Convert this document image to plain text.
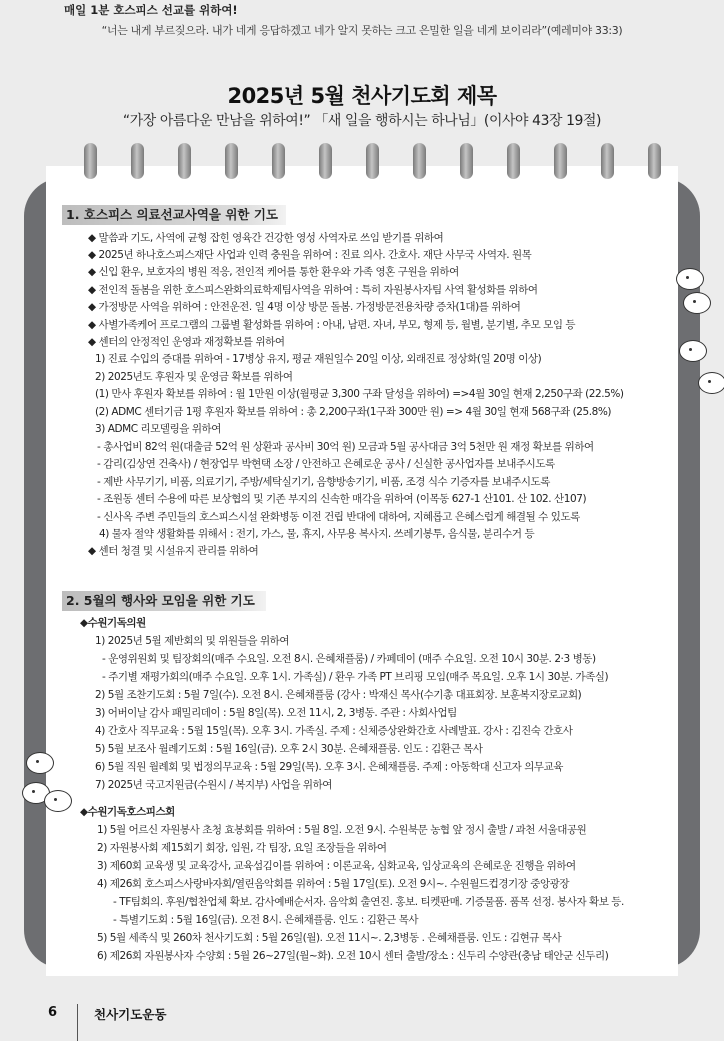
매일 1분 호스피스 선교를 위하여!
“너는 내게 부르짖으라. 내가 네게 응답하겠고 네가 알지 못하는 크고 은밀한 일을 네게 보이리라”(예레미야 33:3)
2025년 5월 천사기도회 제목
“가장 아름다운 만남을 위하여!” 「새 일을 행하시는 하나님」(이사야 43장 19절)
1. 호스피스 의료선교사역을 위한 기도
◆ 말씀과 기도, 사역에 균형 잡힌 영육간 건강한 영성 사역자로 쓰임 받기를 위하여
◆ 2025년 하나호스피스재단 사업과 인력 충원을 위하여 : 진료 의사. 간호사. 재단 사무국 사역자. 원목
◆ 신입 환우, 보호자의 병원 적응, 전인적 케어를 통한 환우와 가족 영혼 구원을 위하여
◆ 전인적 돌봄을 위한 호스피스완화의료학제팀사역을 위하여 : 특히 자원봉사자팀 사역 활성화를 위하여
◆ 가정방문 사역을 위하여 : 안전운전. 일 4명 이상 방문 돌봄. 가정방문전용차량 증차(1대)를 위하여
◆ 사별가족케어 프로그램의 그룹별 활성화를 위하여 : 아내, 남편. 자녀, 부모, 형제 등, 월별, 분기별, 추모 모임 등
◆ 센터의 안정적인 운영과 재정확보를 위하여
1) 진료 수입의 증대를 위하여 - 17병상 유지, 평균 재원일수 20일 이상, 외래진료 정상화(일 20명 이상)
2) 2025년도 후원자 및 운영금 확보를 위하여
(1) 만사 후원자 확보를 위하여 : 월 1만원 이상(월평균 3,300 구좌 달성을 위하여) =>4월 30일 현재 2,250구좌 (22.5%)
(2) ADMC 센터기금 1평 후원자 확보를 위하여 : 총 2,200구좌(1구좌 300만 원) => 4월 30일 현재 568구좌 (25.8%)
3) ADMC 리모델링을 위하여
- 총사업비 82억 원(대출금 52억 원 상환과 공사비 30억 원) 모금과 5월 공사대금 3억 5천만 원 재정 확보를 위하여
- 감리(김상연 건축사) / 현장업무 박현택 소장 / 안전하고 은혜로운 공사 / 신실한 공사업자를 보내주시도록
- 제반 사무기기, 비품, 의료기기, 주방/세탁실기기, 음향방송기기, 비품, 조경 식수 기증자를 보내주시도록
- 조원동 센터 수용에 따른 보상협의 및 기존 부지의 신속한 매각을 위하여 (이목동 627-1 산101. 산 102. 산107)
- 신사옥 주변 주민들의 호스피스시설 완화병동 이전 건립 반대에 대하여, 지혜롭고 은혜스럽게 해결될 수 있도록
4) 물자 절약 생활화를 위해서 : 전기, 가스, 물, 휴지, 사무용 복사지. 쓰레기봉투, 음식물, 분리수거 등
◆ 센터 청결 및 시설유지 관리를 위하여
2. 5월의 행사와 모임을 위한 기도
◆수원기독의원
1) 2025년 5월 제반회의 및 위원들을 위하여
- 운영위원회 및 팀장회의(매주 수요일. 오전 8시. 은혜채플룸) / 카페데이 (매주 수요일. 오전 10시 30분. 2·3 병동)
- 주기별 재평가회의(매주 수요일. 오후 1시. 가족실) / 환우 가족 PT 브리핑 모임(매주 목요일. 오후 1시 30분. 가족실)
2) 5월 조찬기도회 : 5월 7일(수). 오전 8시. 은혜채플룸 (강사 : 박재신 목사(수기총 대표회장. 보훈복지장로교회)
3) 어버이날 감사 패밀리데이 : 5월 8일(목). 오전 11시, 2, 3병동. 주관 : 사회사업팀
4) 간호사 직무교육 : 5월 15일(목). 오후 3시. 가족실. 주제 : 신체증상완화간호 사례발표. 강사 : 김진숙 간호사
5) 5월 보조사 월례기도회 : 5월 16일(금). 오후 2시 30분. 은혜채플룸. 인도 : 김환근 목사
6) 5월 직원 월례회 및 법정의무교육 : 5월 29일(목). 오후 3시. 은혜채플룸. 주제 : 아동학대 신고자 의무교육
7) 2025년 국고지원금(수원시 / 복지부) 사업을 위하여
◆수원기독호스피스회
1) 5월 어르신 자원봉사 초청 효봉회를 위하여 : 5월 8일. 오전 9시. 수원북문 농협 앞 정시 출발 / 과천 서울대공원
2) 자원봉사회 제15회기 회장, 임원, 각 팀장, 요일 조장들을 위하여
3) 제60회 교육생 및 교육강사, 교육섬김이를 위하여 : 이론교육, 심화교육, 임상교육의 은혜로운 진행을 위하여
4) 제26회 호스피스사랑바자회/열린음악회를 위하여 : 5월 17일(토). 오전 9시~. 수원월드컵경기장 중앙광장
- TF팀회의. 후원/협찬업체 확보. 감사예배순서자. 음악회 출연진. 홍보. 티켓판매. 기증물품. 품목 선정. 봉사자 확보 등.
- 특별기도회 : 5월 16일(금). 오전 8시. 은혜채플룸. 인도 : 김환근 목사
5) 5월 세족식 및 260차 천사기도회 : 5월 26일(월). 오전 11시~. 2,3병동 . 은혜채플룸. 인도 : 김현규 목사
6) 제26회 자원봉사자 수양회 : 5월 26~27일(월~화). 오전 10시 센터 출발/장소 : 신두리 수양관(충남 태안군 신두리)
6	천사기도운동
